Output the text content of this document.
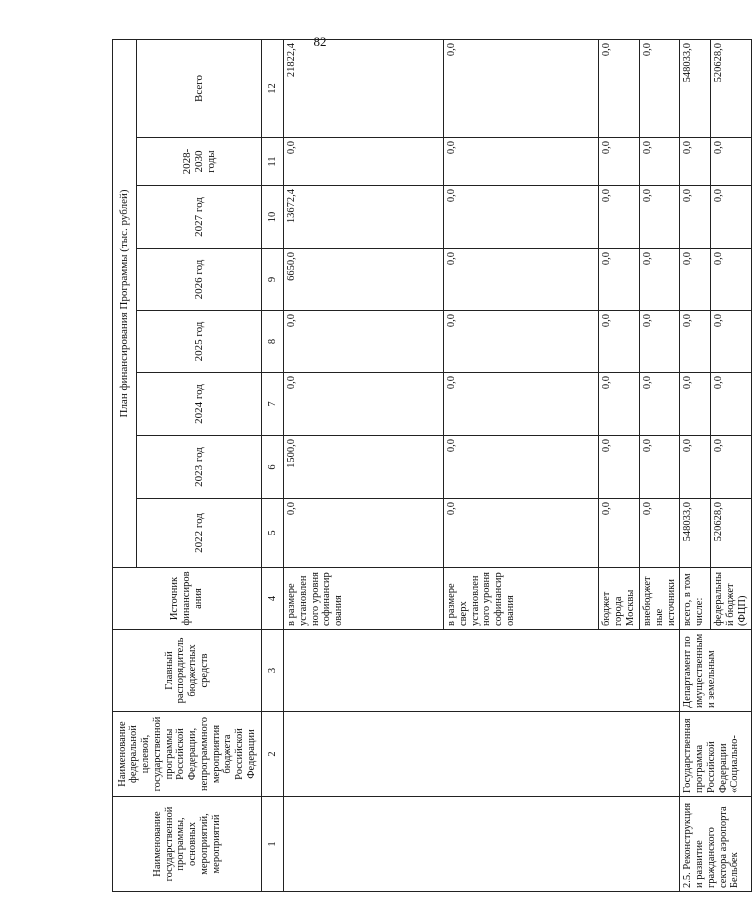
82
Наименование государственной программы, основных мероприятий, мероприятий	Наименование федеральной целевой, государственной программы Российской Федерации, непрограммного мероприятия бюджета Российской Федерации	Главный распорядитель бюджетных средств	Источник финансирования	План финансирования Программы (тыс. рублей)							
				2022 год	2023 год	2024 год	2025 год	2026 год	2027 год	2028-2030 годы	Всего
1	2	3	4	5	6	7	8	9	10	11	12
			в размере установленного уровня софинансирования	0,0	1500,0	0,0	0,0	6650,0	13672,4	0,0	21822,4
			в размере сверх установленного уровня софинансирования	0,0	0,0	0,0	0,0	0,0	0,0	0,0	0,0
			бюджет города Москвы	0,0	0,0	0,0	0,0	0,0	0,0	0,0	0,0
			внебюджетные источники	0,0	0,0	0,0	0,0	0,0	0,0	0,0	0,0
2.5. Реконструкция и развитие гражданского сектора аэропорта Бельбек	Государственная программа Российской Федерации «Социально-	Департамент по имущественным и земельным	всего, в том числе:	548033,0	0,0	0,0	0,0	0,0	0,0	0,0	548033,0
			федеральный бюджет (ФЦП)	520628,0	0,0	0,0	0,0	0,0	0,0	0,0	520628,0
